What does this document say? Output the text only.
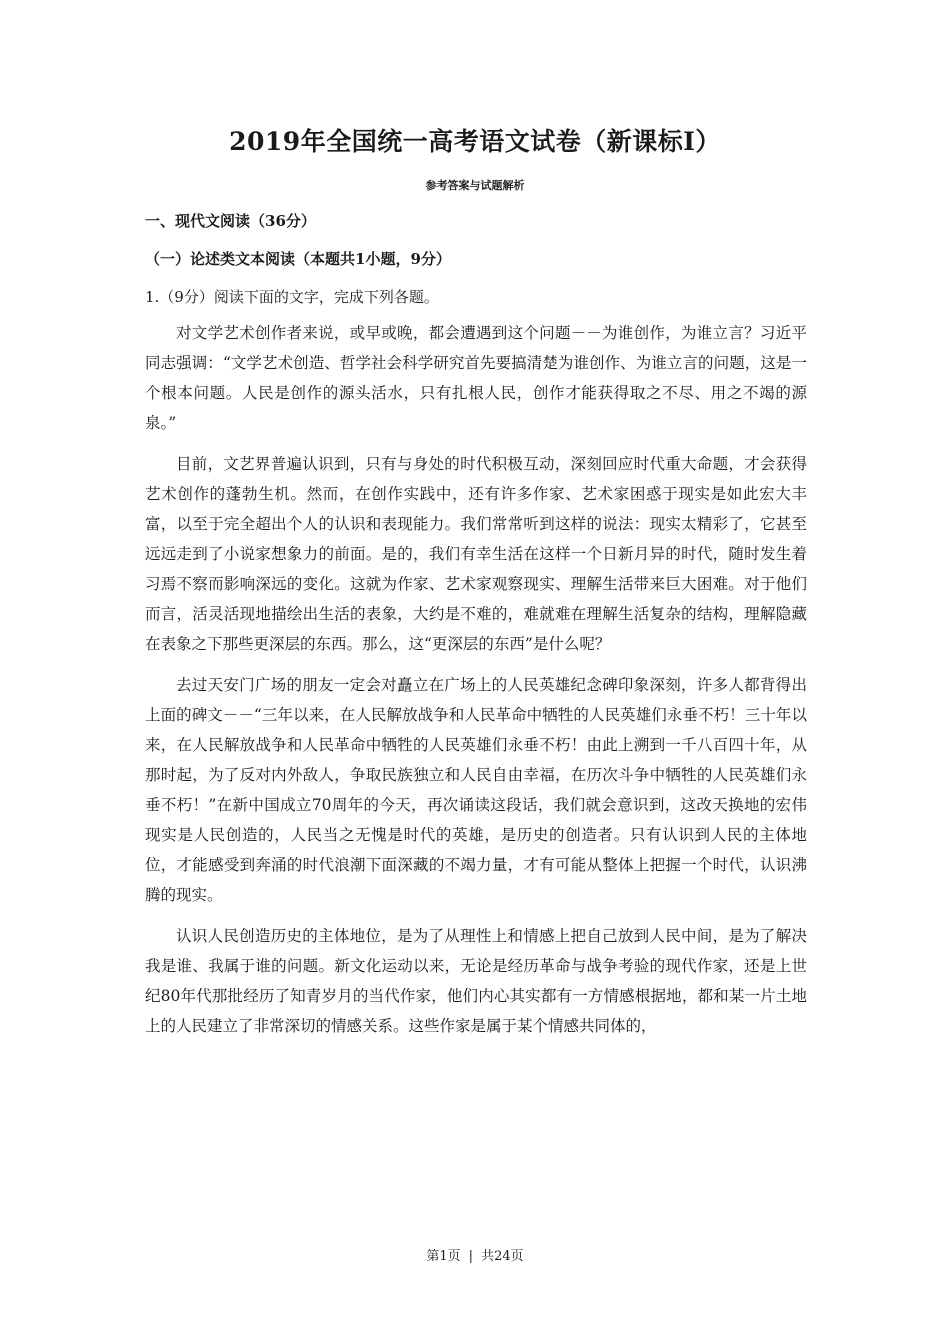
2019年全国统一高考语文试卷（新课标Ⅰ）
参考答案与试题解析
一、现代文阅读（36分）
（一）论述类文本阅读（本题共1小题，9分）
1.（9分）阅读下面的文字，完成下列各题。

对文学艺术创作者来说，或早或晚，都会遭遇到这个问题－－为谁创作，为谁立言？习近平同志强调：“文学艺术创造、哲学社会科学研究首先要搞清楚为谁创作、为谁立言的问题，这是一个根本问题。人民是创作的源头活水，只有扎根人民，创作才能获得取之不尽、用之不竭的源泉。”

目前，文艺界普遍认识到，只有与身处的时代积极互动，深刻回应时代重大命题，才会获得艺术创作的蓬勃生机。然而，在创作实践中，还有许多作家、艺术家困惑于现实是如此宏大丰富，以至于完全超出个人的认识和表现能力。我们常常听到这样的说法：现实太精彩了，它甚至远远走到了小说家想象力的前面。是的，我们有幸生活在这样一个日新月异的时代，随时发生着习焉不察而影响深远的变化。这就为作家、艺术家观察现实、理解生活带来巨大困难。对于他们而言，活灵活现地描绘出生活的表象，大约是不难的，难就难在理解生活复杂的结构，理解隐藏在表象之下那些更深层的东西。那么，这“更深层的东西”是什么呢？

去过天安门广场的朋友一定会对矗立在广场上的人民英雄纪念碑印象深刻，许多人都背得出上面的碑文－－“三年以来，在人民解放战争和人民革命中牺牲的人民英雄们永垂不朽！三十年以来，在人民解放战争和人民革命中牺牲的人民英雄们永垂不朽！由此上溯到一千八百四十年，从那时起，为了反对内外敌人，争取民族独立和人民自由幸福，在历次斗争中牺牲的人民英雄们永垂不朽！”在新中国成立70周年的今天，再次诵读这段话，我们就会意识到，这改天换地的宏伟现实是人民创造的，人民当之无愧是时代的英雄，是历史的创造者。只有认识到人民的主体地位，才能感受到奔涌的时代浪潮下面深藏的不竭力量，才有可能从整体上把握一个时代，认识沸腾的现实。

认识人民创造历史的主体地位，是为了从理性上和情感上把自己放到人民中间，是为了解决我是谁、我属于谁的问题。新文化运动以来，无论是经历革命与战争考验的现代作家，还是上世纪80年代那批经历了知青岁月的当代作家，他们内心其实都有一方情感根据地，都和某一片土地上的人民建立了非常深切的情感关系。这些作家是属于某个情感共同体的，

第1页 | 共24页
